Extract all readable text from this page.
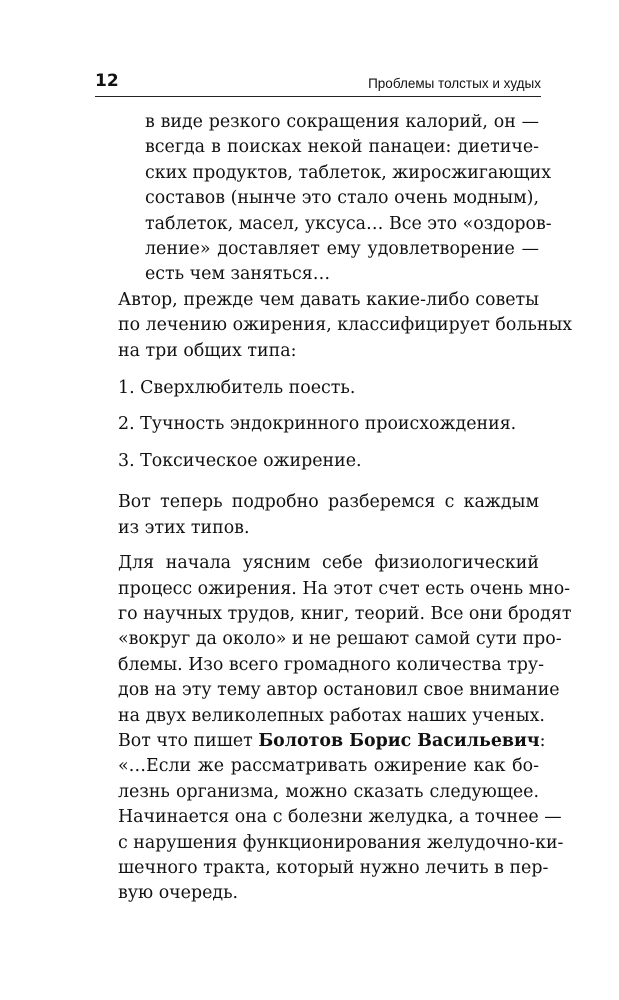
12	Проблемы толстых и худых
в виде резкого сокращения калорий, он —
всегда в поисках некой панацеи: диетиче-
ских продуктов, таблеток, жиросжигающих
составов (нынче это стало очень модным),
таблеток, масел, уксуса… Все это «оздоров-
ление» доставляет ему удовлетворение —
есть чем заняться…
Автор, прежде чем давать какие-либо советы
по лечению ожирения, классифицирует больных
на три общих типа:
1. Сверхлюбитель поесть.
2. Тучность эндокринного происхождения.
3. Токсическое ожирение.
Вот теперь подробно разберемся с каждым
из этих типов.
Для начала уясним себе физиологический
процесс ожирения. На этот счет есть очень мно-
го научных трудов, книг, теорий. Все они бродят
«вокруг да около» и не решают самой сути про-
блемы. Изо всего громадного количества тру-
дов на эту тему автор остановил свое внимание
на двух великолепных работах наших ученых.
Вот что пишет Болотов Борис Васильевич:
«…Если же рассматривать ожирение как бо-
лезнь организма, можно сказать следующее.
Начинается она с болезни желудка, а точнее —
с нарушения функционирования желудочно-ки-
шечного тракта, который нужно лечить в пер-
вую очередь.
